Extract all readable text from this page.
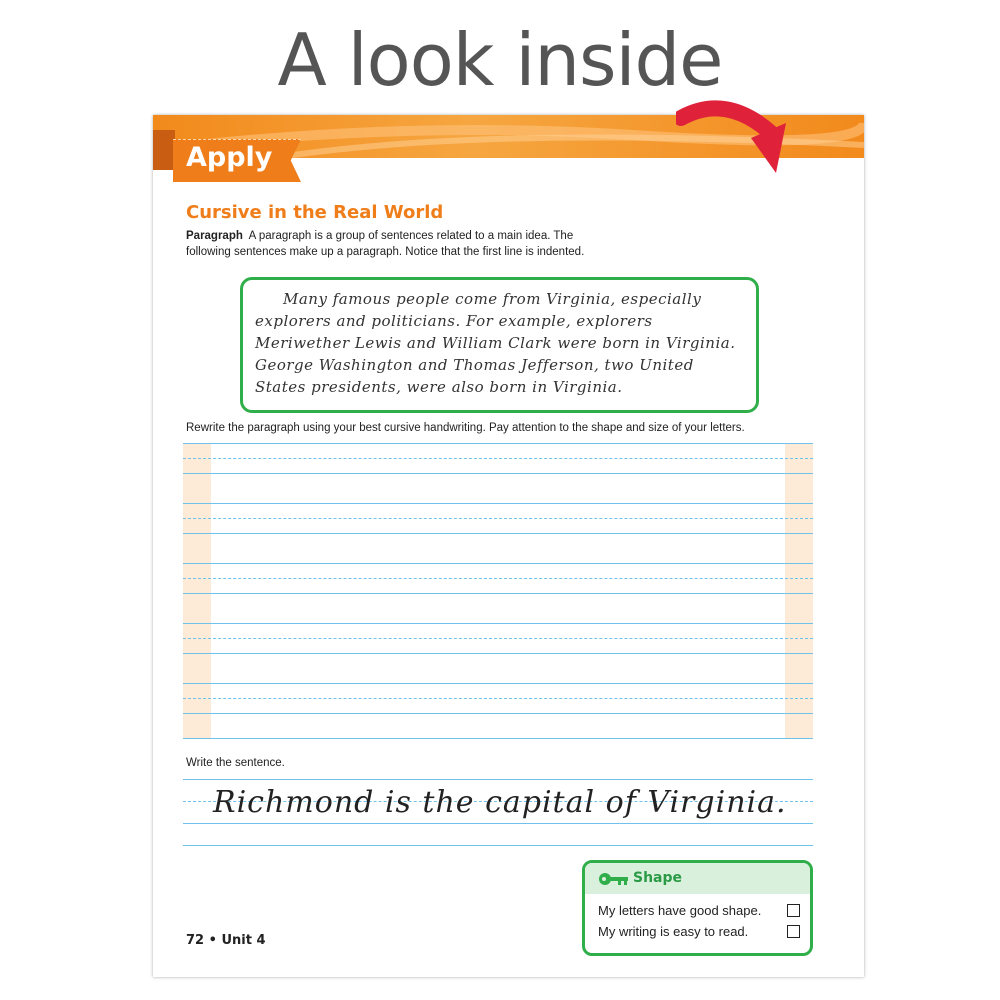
A look inside
Apply
Cursive in the Real World
Paragraph A paragraph is a group of sentences related to a main idea. The following sentences make up a paragraph. Notice that the first line is indented.
Many famous people come from Virginia, especially explorers and politicians. For example, explorers Meriwether Lewis and William Clark were born in Virginia. George Washington and Thomas Jefferson, two United States presidents, were also born in Virginia.
Rewrite the paragraph using your best cursive handwriting. Pay attention to the shape and size of your letters.
Write the sentence.
Richmond is the capital of Virginia.
Shape
My letters have good shape.
My writing is easy to read.
72 • Unit 4
